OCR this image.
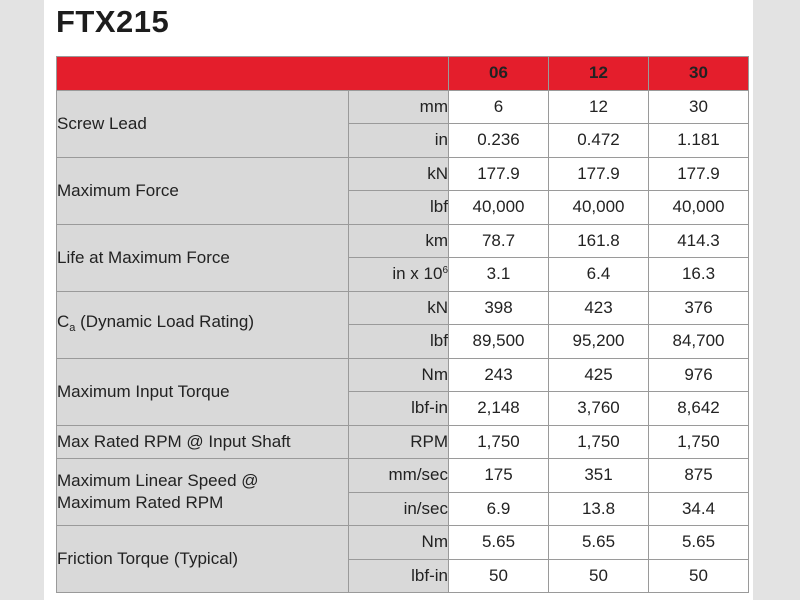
FTX215
		06	12	30
Screw Lead	mm	6	12	30
	in	0.236	0.472	1.181
Maximum Force	kN	177.9	177.9	177.9
	lbf	40,000	40,000	40,000
Life at Maximum Force	km	78.7	161.8	414.3
	in x $10^6$	3.1	6.4	16.3
$C_a$ (Dynamic Load Rating)	kN	398	423	376
	lbf	89,500	95,200	84,700
Maximum Input Torque	Nm	243	425	976
	lbf-in	2,148	3,760	8,642
Max Rated RPM @ Input Shaft	RPM	1,750	1,750	1,750
Maximum Linear Speed @
Maximum Rated RPM	mm/sec	175	351	875
	in/sec	6.9	13.8	34.4
Friction Torque (Typical)	Nm	5.65	5.65	5.65
	lbf-in	50	50	50
